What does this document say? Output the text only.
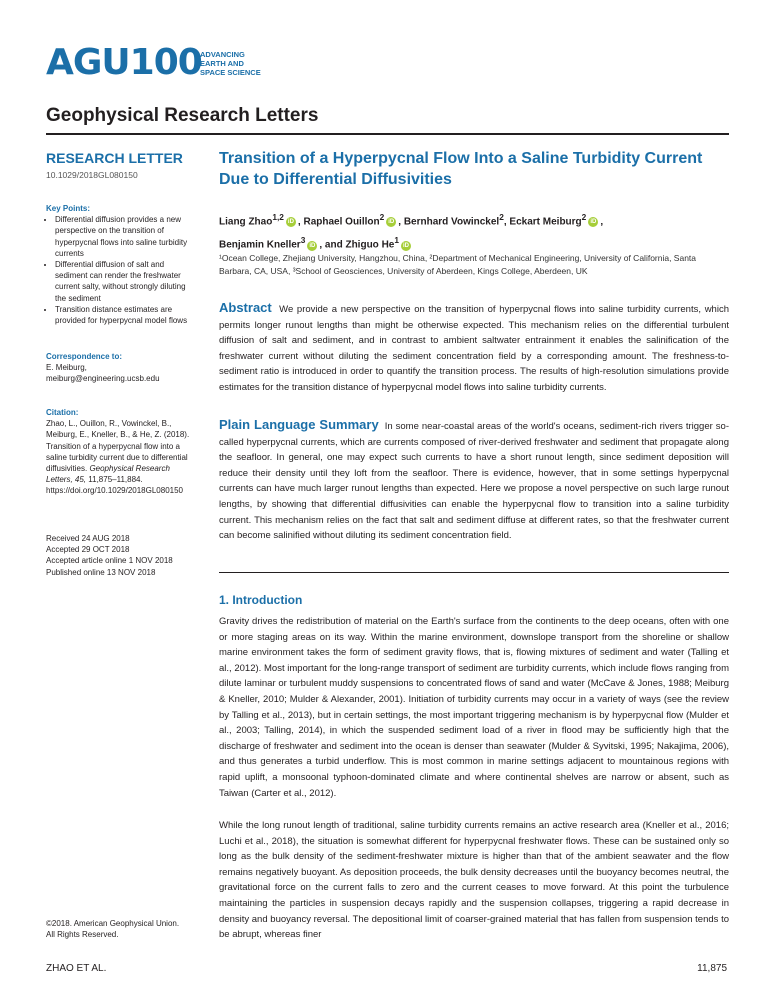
AGU100
ADVANCING
EARTH AND
SPACE SCIENCE
Geophysical Research Letters
RESEARCH LETTER
10.1029/2018GL080150
Key Points:
• Differential diffusion provides a new perspective on the transition of hyperpycnal flows into saline turbidity currents
• Differential diffusion of salt and sediment can render the freshwater current salty, without strongly diluting the sediment
• Transition distance estimates are provided for hyperpycnal model flows
Correspondence to:
E. Meiburg,
meiburg@engineering.ucsb.edu
Citation:
Zhao, L., Ouillon, R., Vowinckel, B., Meiburg, E., Kneller, B., & He, Z. (2018). Transition of a hyperpycnal flow into a saline turbidity current due to differential diffusivities. Geophysical Research Letters, 45, 11,875–11,884. https://doi.org/10.1029/2018GL080150
Received 24 AUG 2018
Accepted 29 OCT 2018
Accepted article online 1 NOV 2018
Published online 13 NOV 2018
©2018. American Geophysical Union.
All Rights Reserved.
Transition of a Hyperpycnal Flow Into a Saline Turbidity Current Due to Differential Diffusivities
Liang Zhao$^{1,2}$iD , Raphael Ouillon$^2$iD , Bernhard Vowinckel$^2$, Eckart Meiburg$^2$iD ,
Benjamin Kneller$^3$iD , and Zhiguo He$^1$iD
¹Ocean College, Zhejiang University, Hangzhou, China, ²Department of Mechanical Engineering, University of California, Santa Barbara, CA, USA, ³School of Geosciences, University of Aberdeen, Kings College, Aberdeen, UK
Abstract We provide a new perspective on the transition of hyperpycnal flows into saline turbidity currents, which permits longer runout lengths than might be otherwise expected. This mechanism relies on the differential turbulent diffusion of salt and sediment, and in contrast to ambient saltwater entrainment it enables the salinification of the freshwater current without diluting the sediment concentration field by a corresponding amount. The freshness-to-sediment ratio is introduced in order to quantify the transition process. The results of high-resolution simulations provide estimates for the transition distance of hyperpycnal model flows into saline turbidity currents.
Plain Language Summary In some near-coastal areas of the world's oceans, sediment-rich rivers trigger so-called hyperpycnal currents, which are currents composed of river-derived freshwater and sediment that propagate along the seafloor. In general, one may expect such currents to have a short runout length, since sediment deposition will reduce their density until they loft from the seafloor. There is evidence, however, that in some settings hyperpycnal currents can have much larger runout lengths than expected. Here we propose a novel perspective on such large runout lengths, by showing that differential diffusivities can enable the hyperpycnal flow to transition into a saline turbidity current. This mechanism relies on the fact that salt and sediment diffuse at different rates, so that the freshwater current can become salinified without diluting its sediment concentration field.
1. Introduction
Gravity drives the redistribution of material on the Earth's surface from the continents to the deep oceans, often with one or more staging areas on its way. Within the marine environment, downslope transport from the shoreline or shallow marine environment takes the form of sediment gravity flows, that is, flowing mixtures of sediment and water (Talling et al., 2012). Most important for the long-range transport of sediment are turbidity currents, which include flows ranging from dilute laminar or turbulent muddy suspensions to concentrated flows of sand and water (McCave & Jones, 1988; Meiburg & Kneller, 2010; Mulder & Alexander, 2001). Initiation of turbidity currents may occur in a variety of ways (see the review by Talling et al., 2013), but in certain settings, the most important triggering mechanism is by hyperpycnal flow (Mulder et al., 2003; Talling, 2014), in which the suspended sediment load of a river in flood may be sufficiently high that the discharge of freshwater and sediment into the ocean is denser than seawater (Mulder & Syvitski, 1995; Nakajima, 2006), and thus generates a turbid underflow. This is most common in marine settings adjacent to mountainous regions with rapid uplift, a monsoonal typhoon-dominated climate and where continental shelves are narrow or absent, such as Taiwan (Carter et al., 2012).
While the long runout length of traditional, saline turbidity currents remains an active research area (Kneller et al., 2016; Luchi et al., 2018), the situation is somewhat different for hyperpycnal freshwater flows. These can be sustained only so long as the bulk density of the sediment-freshwater mixture is higher than that of the ambient seawater and the flow remains negatively buoyant. As deposition proceeds, the bulk density decreases until the buoyancy becomes neutral, the gravitational force on the current falls to zero and the current ceases to move forward. At this point the turbulence maintaining the particles in suspension decays rapidly and the suspension collapses, triggering a rapid decrease in density and buoyancy reversal. The depositional limit of coarser-grained material that has fallen from suspension tends to be abrupt, whereas finer
ZHAO ET AL.	11,875
